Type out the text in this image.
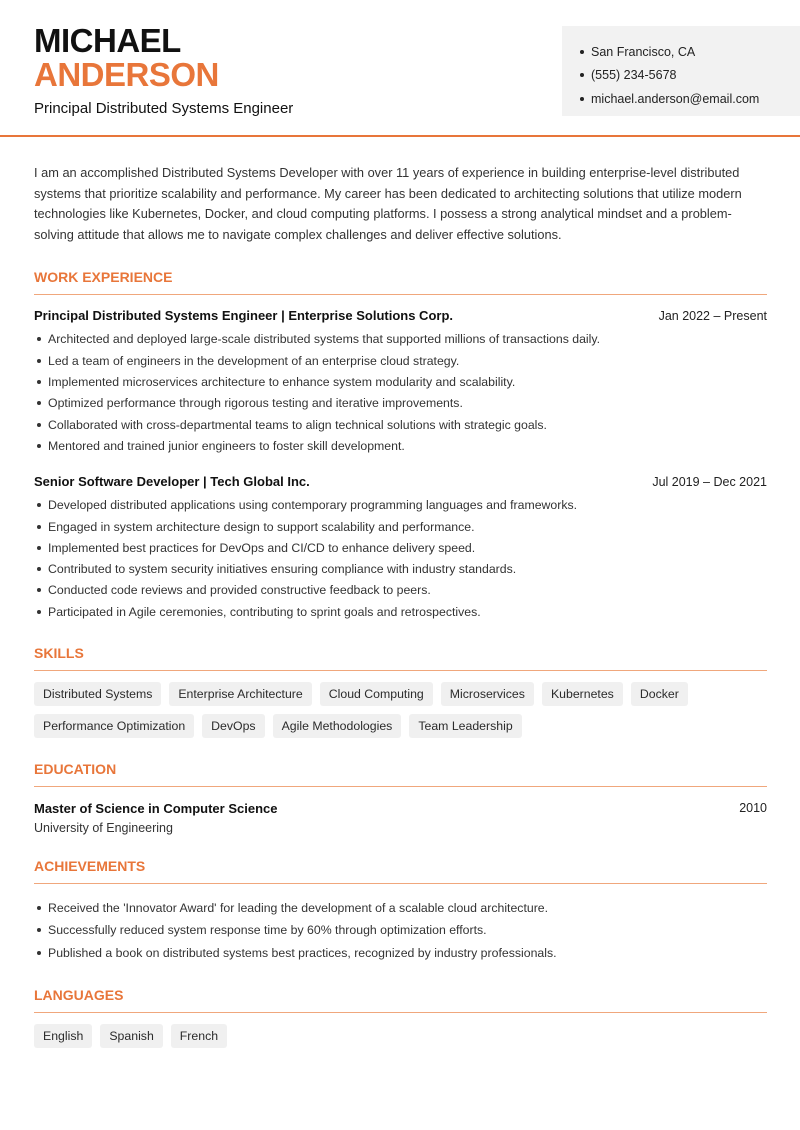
MICHAEL
ANDERSON
Principal Distributed Systems Engineer
San Francisco, CA
(555) 234-5678
michael.anderson@email.com

I am an accomplished Distributed Systems Developer with over 11 years of experience in building enterprise-level distributed systems that prioritize scalability and performance. My career has been dedicated to architecting solutions that utilize modern technologies like Kubernetes, Docker, and cloud computing platforms. I possess a strong analytical mindset and a problem-solving attitude that allows me to navigate complex challenges and deliver effective solutions.

WORK EXPERIENCE
Principal Distributed Systems Engineer | Enterprise Solutions Corp.	Jan 2022 – Present
Architected and deployed large-scale distributed systems that supported millions of transactions daily.
Led a team of engineers in the development of an enterprise cloud strategy.
Implemented microservices architecture to enhance system modularity and scalability.
Optimized performance through rigorous testing and iterative improvements.
Collaborated with cross-departmental teams to align technical solutions with strategic goals.
Mentored and trained junior engineers to foster skill development.
Senior Software Developer | Tech Global Inc.	Jul 2019 – Dec 2021
Developed distributed applications using contemporary programming languages and frameworks.
Engaged in system architecture design to support scalability and performance.
Implemented best practices for DevOps and CI/CD to enhance delivery speed.
Contributed to system security initiatives ensuring compliance with industry standards.
Conducted code reviews and provided constructive feedback to peers.
Participated in Agile ceremonies, contributing to sprint goals and retrospectives.
SKILLS
Distributed Systems	Enterprise Architecture	Cloud Computing	Microservices	Kubernetes	Docker
Performance Optimization	DevOps	Agile Methodologies	Team Leadership
EDUCATION
Master of Science in Computer Science	2010
University of Engineering
ACHIEVEMENTS
Received the 'Innovator Award' for leading the development of a scalable cloud architecture.
Successfully reduced system response time by 60% through optimization efforts.
Published a book on distributed systems best practices, recognized by industry professionals.
LANGUAGES
English	Spanish	French
